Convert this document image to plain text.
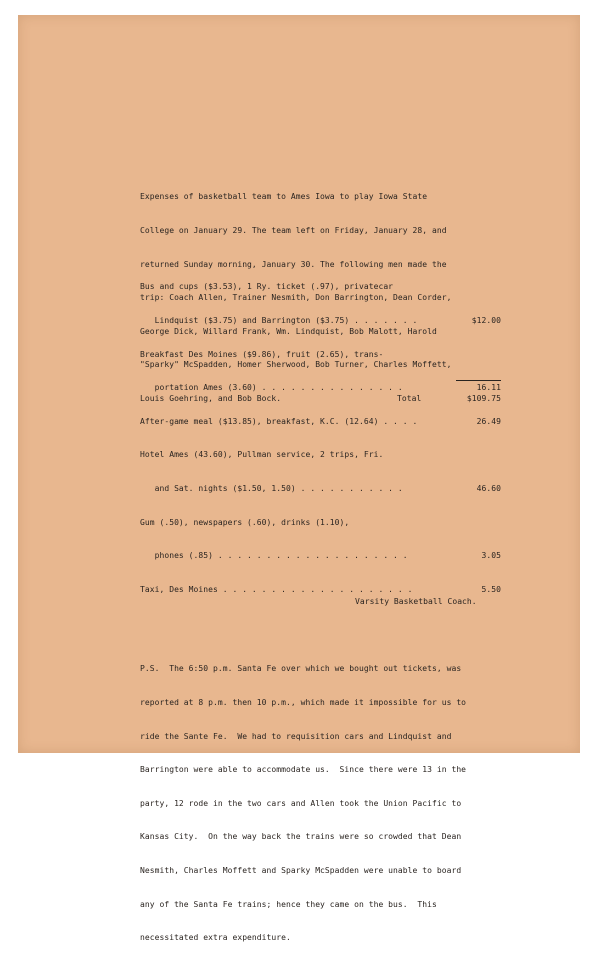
Expenses of basketball team to Ames Iowa to play Iowa State

College on January 29. The team left on Friday, January 28, and

returned Sunday morning, January 30. The following men made the

trip: Coach Allen, Trainer Nesmith, Don Barrington, Dean Corder,

George Dick, Willard Frank, Wm. Lindquist, Bob Malott, Harold

"Sparky" McSpadden, Homer Sherwood, Bob Turner, Charles Moffett,

Louis Goehring, and Bob Bock.

Bus and cups ($3.53), 1 Ry. ticket (.97), privatecar

Lindquist ($3.75) and Barrington ($3.75) . . . . . . .	$12.00

Breakfast Des Moines ($9.86), fruit (2.65), trans-

portation Ames (3.60) . . . . . . . . . . . . . . .	16.11

After-game meal ($13.85), breakfast, K.C. (12.64) . . . .	26.49

Hotel Ames (43.60), Pullman service, 2 trips, Fri.

and Sat. nights ($1.50, 1.50) . . . . . . . . . . .	46.60

Gum (.50), newspapers (.60), drinks (1.10),

phones (.85) . . . . . . . . . . . . . . . . . . . .	3.05

Taxi, Des Moines . . . . . . . . . . . . . . . . . . . .	5.50

Total	$109.75
Varsity Basketball Coach.

P.S.  The 6:50 p.m. Santa Fe over which we bought out tickets, was

reported at 8 p.m. then 10 p.m., which made it impossible for us to

ride the Sante Fe.  We had to requisition cars and Lindquist and

Barrington were able to accommodate us.  Since there were 13 in the

party, 12 rode in the two cars and Allen took the Union Pacific to

Kansas City.  On the way back the trains were so crowded that Dean

Nesmith, Charles Moffett and Sparky McSpadden were unable to board

any of the Santa Fe trains; hence they came on the bus.  This

necessitated extra expenditure.
